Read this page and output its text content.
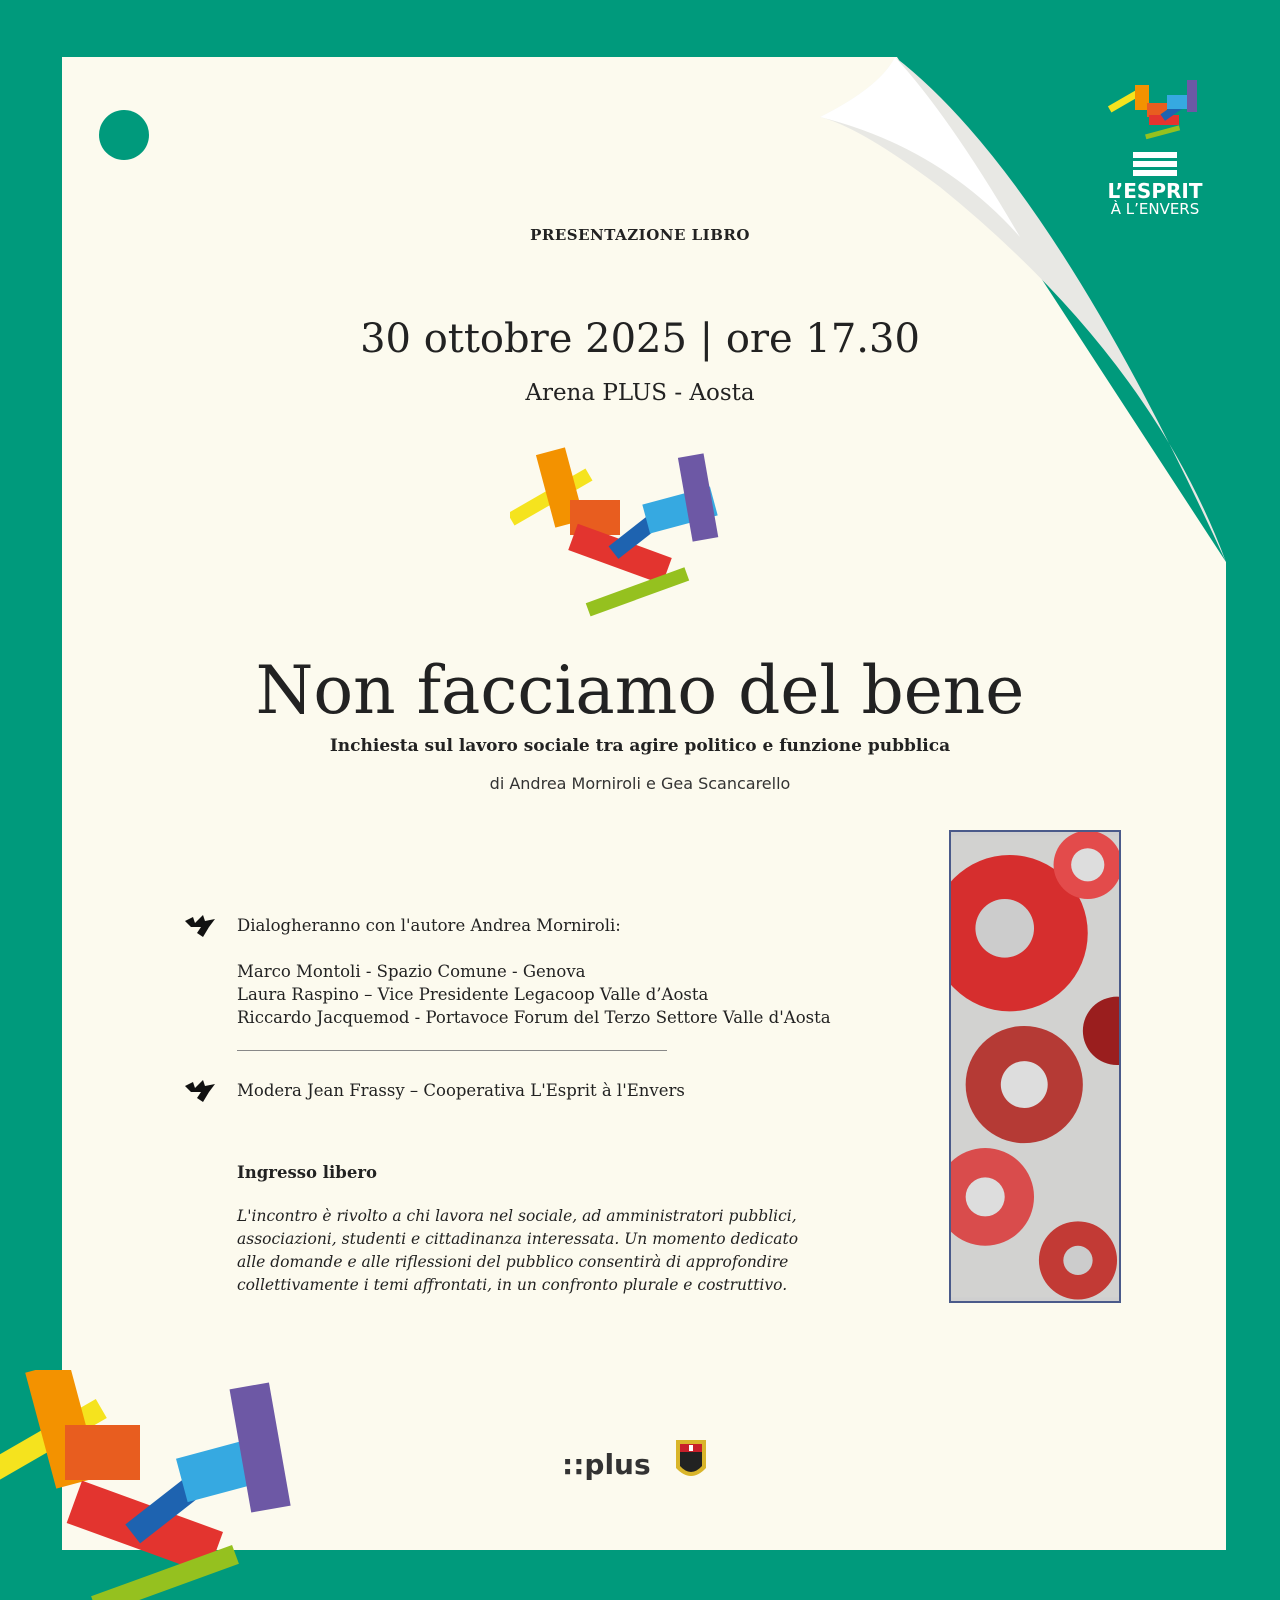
L’ESPRIT
À L’ENVERS
PRESENTAZIONE LIBRO
30 ottobre 2025 | ore 17.30
Arena PLUS - Aosta
Non facciamo del bene
Inchiesta sul lavoro sociale tra agire politico e funzione pubblica
di Andrea Morniroli e Gea Scancarello
Dialogheranno con l'autore Andrea Morniroli:
Marco Montoli - Spazio Comune - Genova
Laura Raspino – Vice Presidente Legacoop Valle d’Aosta
Riccardo Jacquemod - Portavoce Forum del Terzo Settore Valle d'Aosta
Modera Jean Frassy – Cooperativa L'Esprit à l'Envers
Ingresso libero
L'incontro è rivolto a chi lavora nel sociale, ad amministratori pubblici, associazioni, studenti e cittadinanza interessata. Un momento dedicato alle domande e alle riflessioni del pubblico consentirà di approfondire collettivamente i temi affrontati, in un confronto plurale e costruttivo.
::plus
